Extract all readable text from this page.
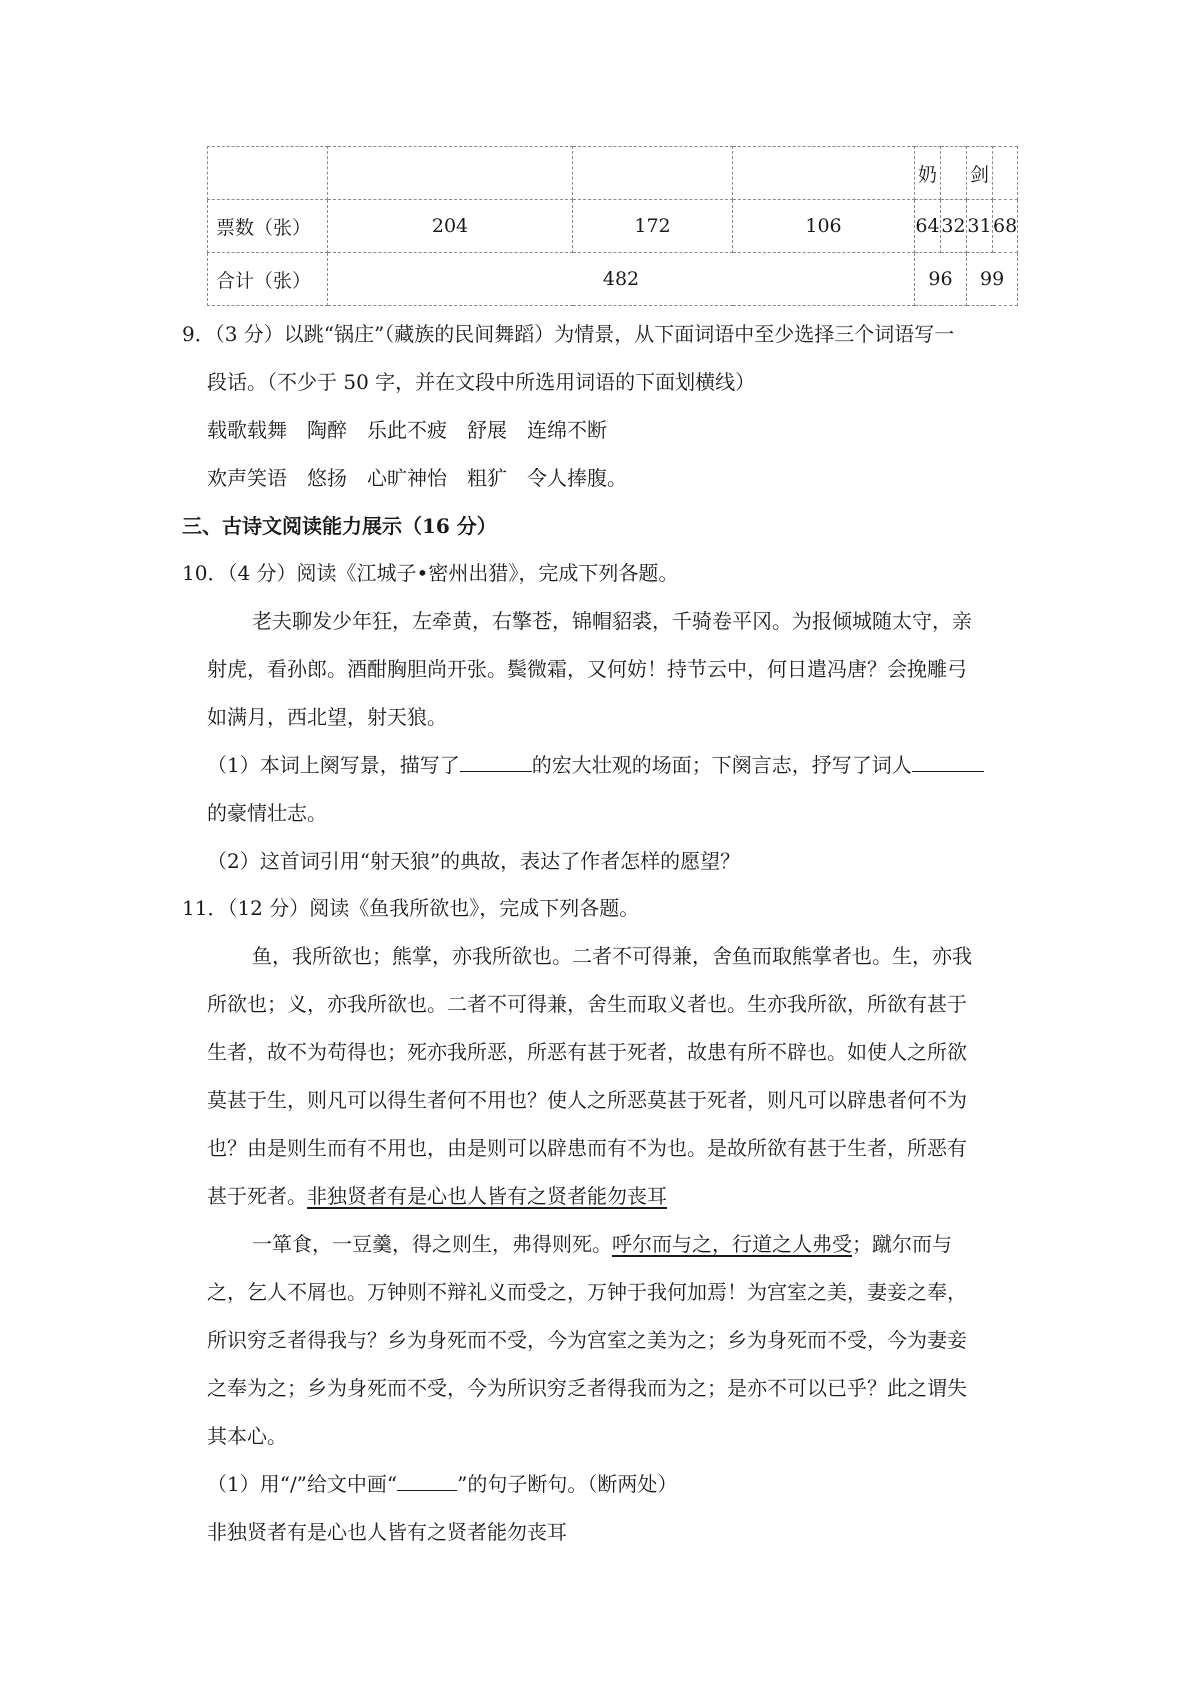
				奶		剑	
票数（张）	204	172	106	64	32	31	68
合计（张）	482			96		99	
9．（3 分）以跳“锅庄”（藏族的民间舞蹈）为情景，从下面词语中至少选择三个词语写一
段话。（不少于 50 字，并在文段中所选用词语的下面划横线）
载歌载舞　陶醉　乐此不疲　舒展　连绵不断
欢声笑语　悠扬　心旷神怡　粗犷　令人捧腹。
三、古诗文阅读能力展示（16 分）
10．（4 分）阅读《江城子•密州出猎》，完成下列各题。
老夫聊发少年狂，左牵黄，右擎苍，锦帽貂裘，千骑卷平冈。为报倾城随太守，亲
射虎，看孙郎。酒酣胸胆尚开张。鬓微霜，又何妨！持节云中，何日遣冯唐？会挽雕弓
如满月，西北望，射天狼。
（1）本词上阕写景，描写了	的宏大壮观的场面；下阕言志，抒写了词人
的豪情壮志。
（2）这首词引用“射天狼”的典故，表达了作者怎样的愿望？
11．（12 分）阅读《鱼我所欲也》，完成下列各题。
鱼，我所欲也；熊掌，亦我所欲也。二者不可得兼，舍鱼而取熊掌者也。生，亦我
所欲也；义，亦我所欲也。二者不可得兼，舍生而取义者也。生亦我所欲，所欲有甚于
生者，故不为苟得也；死亦我所恶，所恶有甚于死者，故患有所不辟也。如使人之所欲
莫甚于生，则凡可以得生者何不用也？使人之所恶莫甚于死者，则凡可以辟患者何不为
也？由是则生而有不用也，由是则可以辟患而有不为也。是故所欲有甚于生者，所恶有
甚于死者。非独贤者有是心也人皆有之贤者能勿丧耳
一箪食，一豆羹，得之则生，弗得则死。呼尔而与之，行道之人弗受；蹴尔而与
之，乞人不屑也。万钟则不辩礼义而受之，万钟于我何加焉！为宫室之美，妻妾之奉，
所识穷乏者得我与？乡为身死而不受，今为宫室之美为之；乡为身死而不受，今为妻妾
之奉为之；乡为身死而不受，今为所识穷乏者得我而为之；是亦不可以已乎？此之谓失
其本心。
（1）用“/”给文中画“	”的句子断句。（断两处）
非独贤者有是心也人皆有之贤者能勿丧耳
